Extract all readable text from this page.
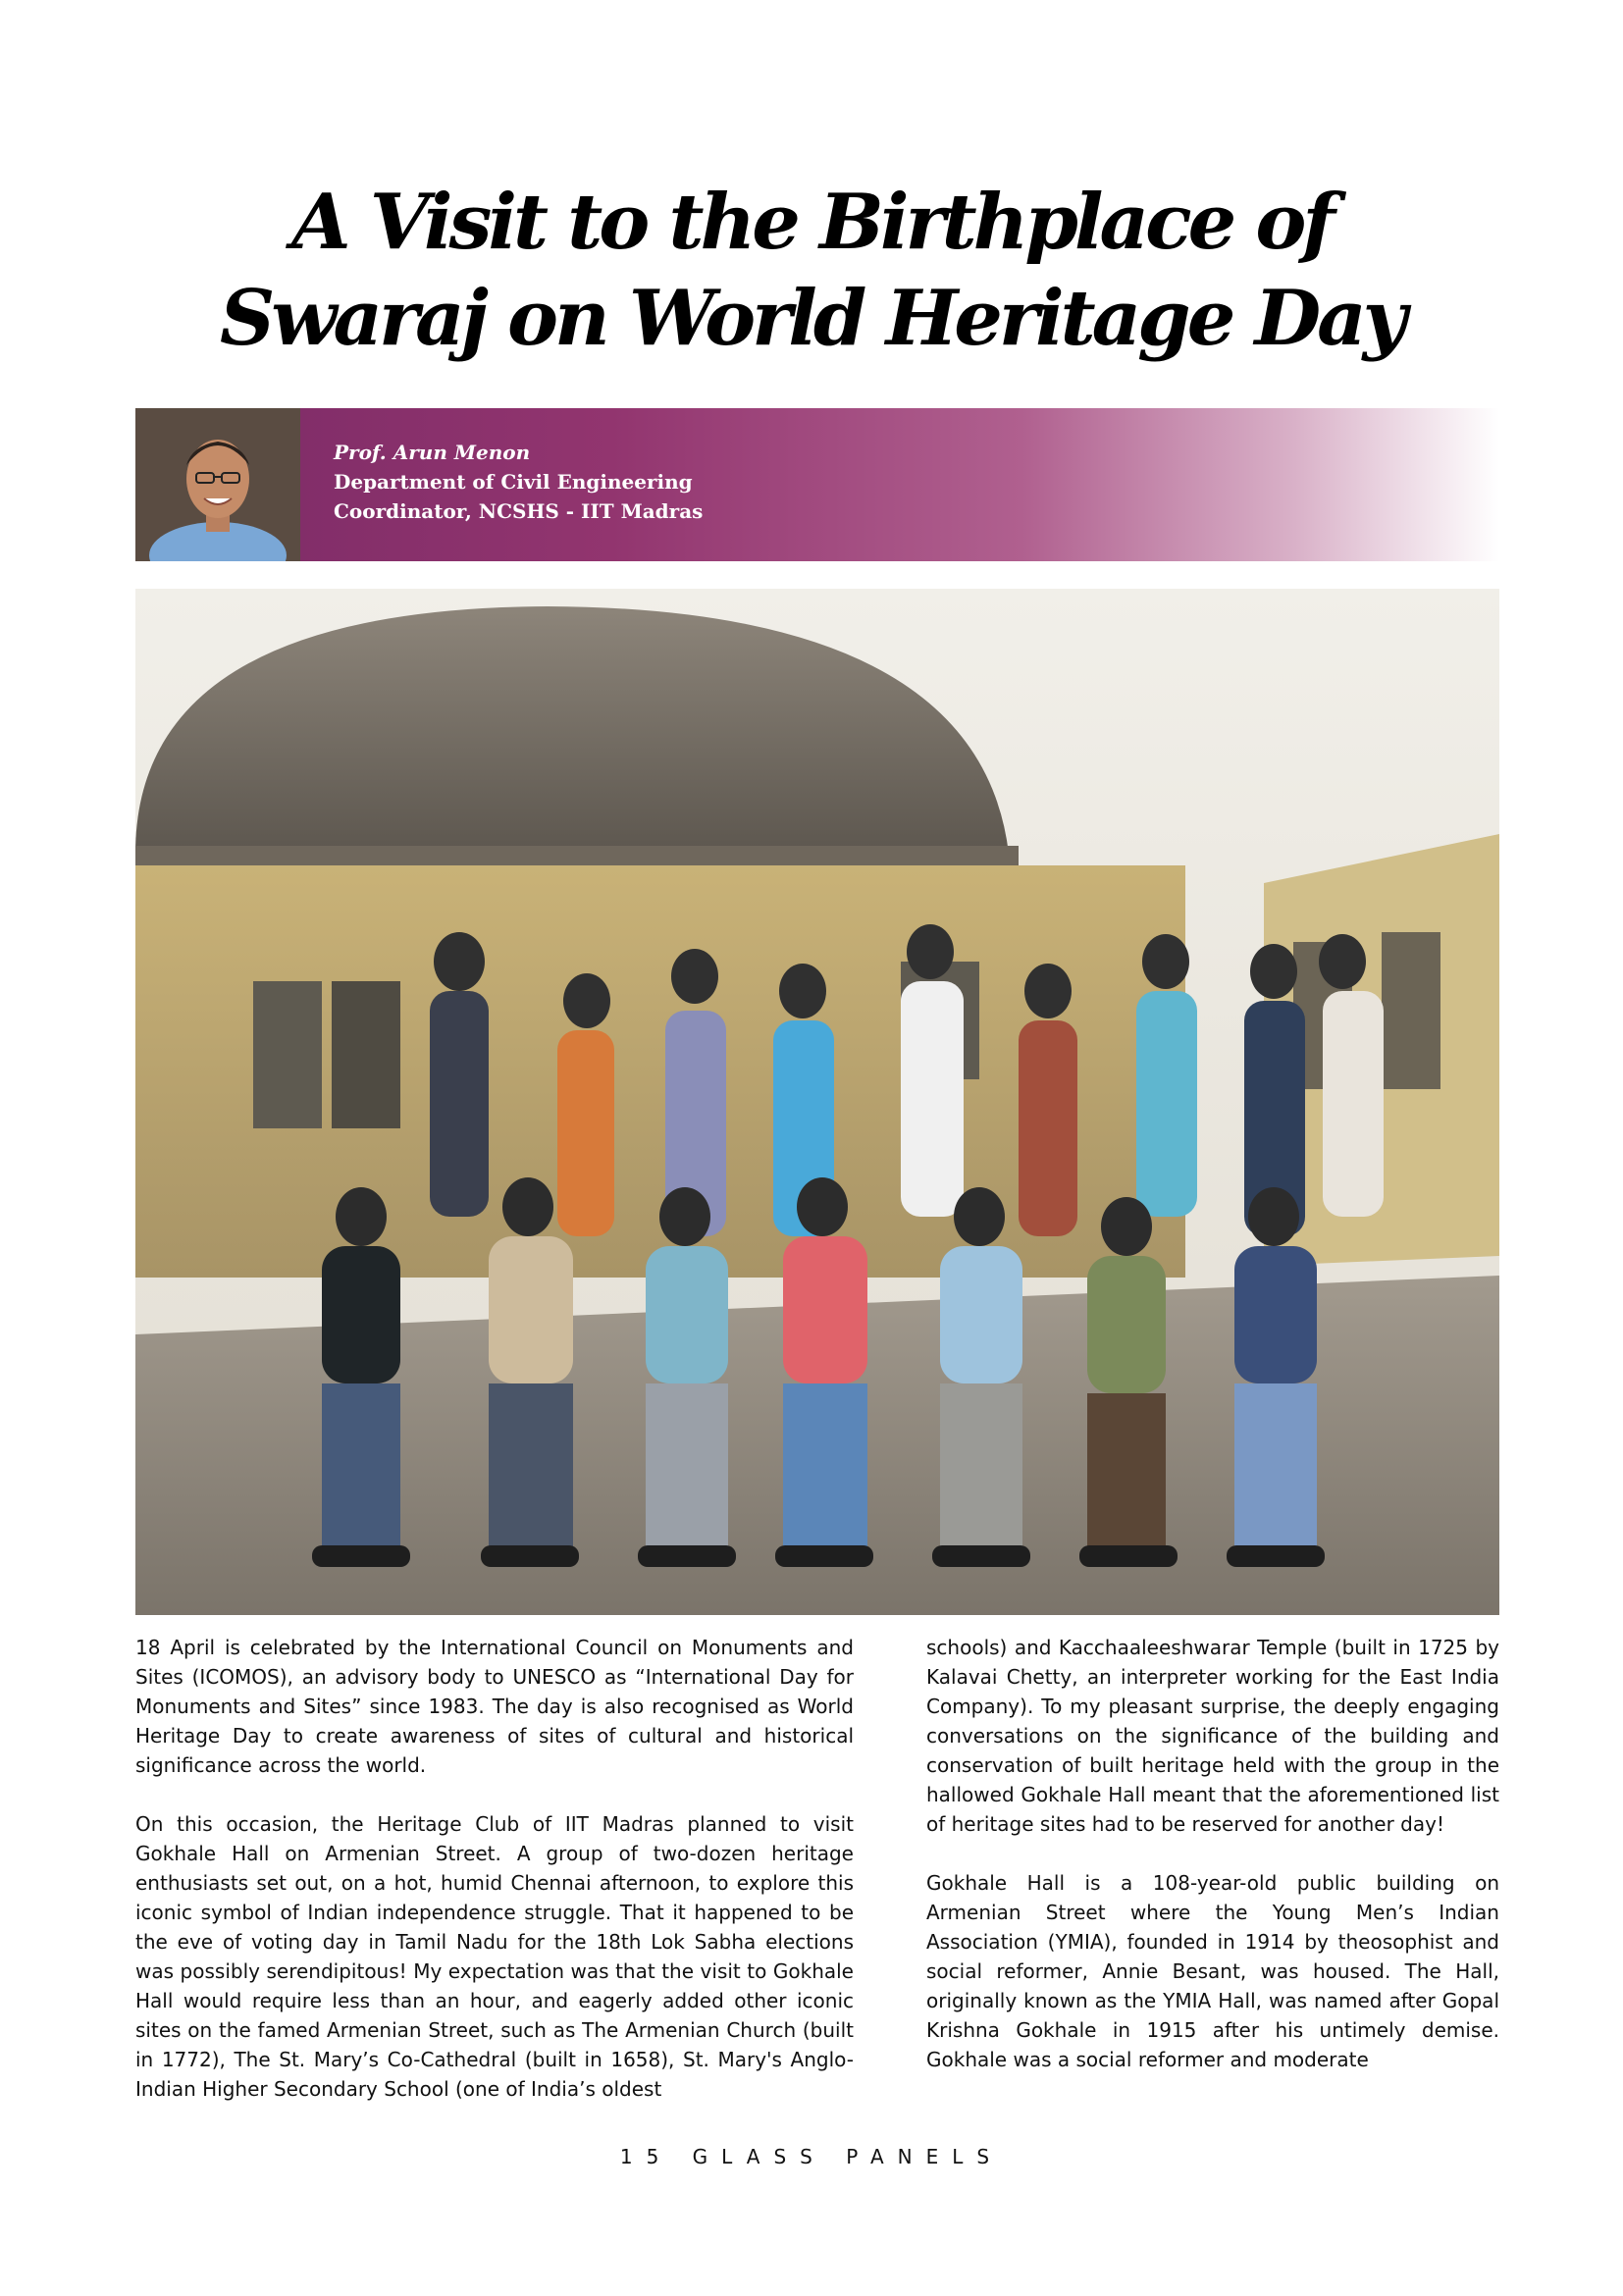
A Visit to the Birthplace of
Swaraj on World Heritage Day
Prof. Arun Menon
Department of Civil Engineering
Coordinator, NCSHS - IIT Madras

18 April is celebrated by the International Council on Monuments and Sites (ICOMOS), an advisory body to UNESCO as “International Day for Monuments and Sites” since 1983. The day is also recognised as World Heritage Day to create awareness of sites of cultural and historical significance across the world.

On this occasion, the Heritage Club of IIT Madras planned to visit Gokhale Hall on Armenian Street. A group of two-dozen heritage enthusiasts set out, on a hot, humid Chennai afternoon, to explore this iconic symbol of Indian independence struggle. That it happened to be the eve of voting day in Tamil Nadu for the 18th Lok Sabha elections was possibly serendipitous! My expectation was that the visit to Gokhale Hall would require less than an hour, and eagerly added other iconic sites on the famed Armenian Street, such as The Armenian Church (built in 1772), The St. Mary’s Co-Cathedral (built in 1658), St. Mary's Anglo-Indian Higher Secondary School (one of India’s oldest

schools) and Kacchaaleeshwarar Temple (built in 1725 by Kalavai Chetty, an interpreter working for the East India Company). To my pleasant surprise, the deeply engaging conversations on the significance of the building and conservation of built heritage held with the group in the hallowed Gokhale Hall meant that the aforementioned list of heritage sites had to be reserved for another day!

Gokhale Hall is a 108-year-old public building on Armenian Street where the Young Men’s Indian Association (YMIA), founded in 1914 by theosophist and social reformer, Annie Besant, was housed. The Hall, originally known as the YMIA Hall, was named after Gopal Krishna Gokhale in 1915 after his untimely demise. Gokhale was a social reformer and moderate

15 GLASS PANELS
